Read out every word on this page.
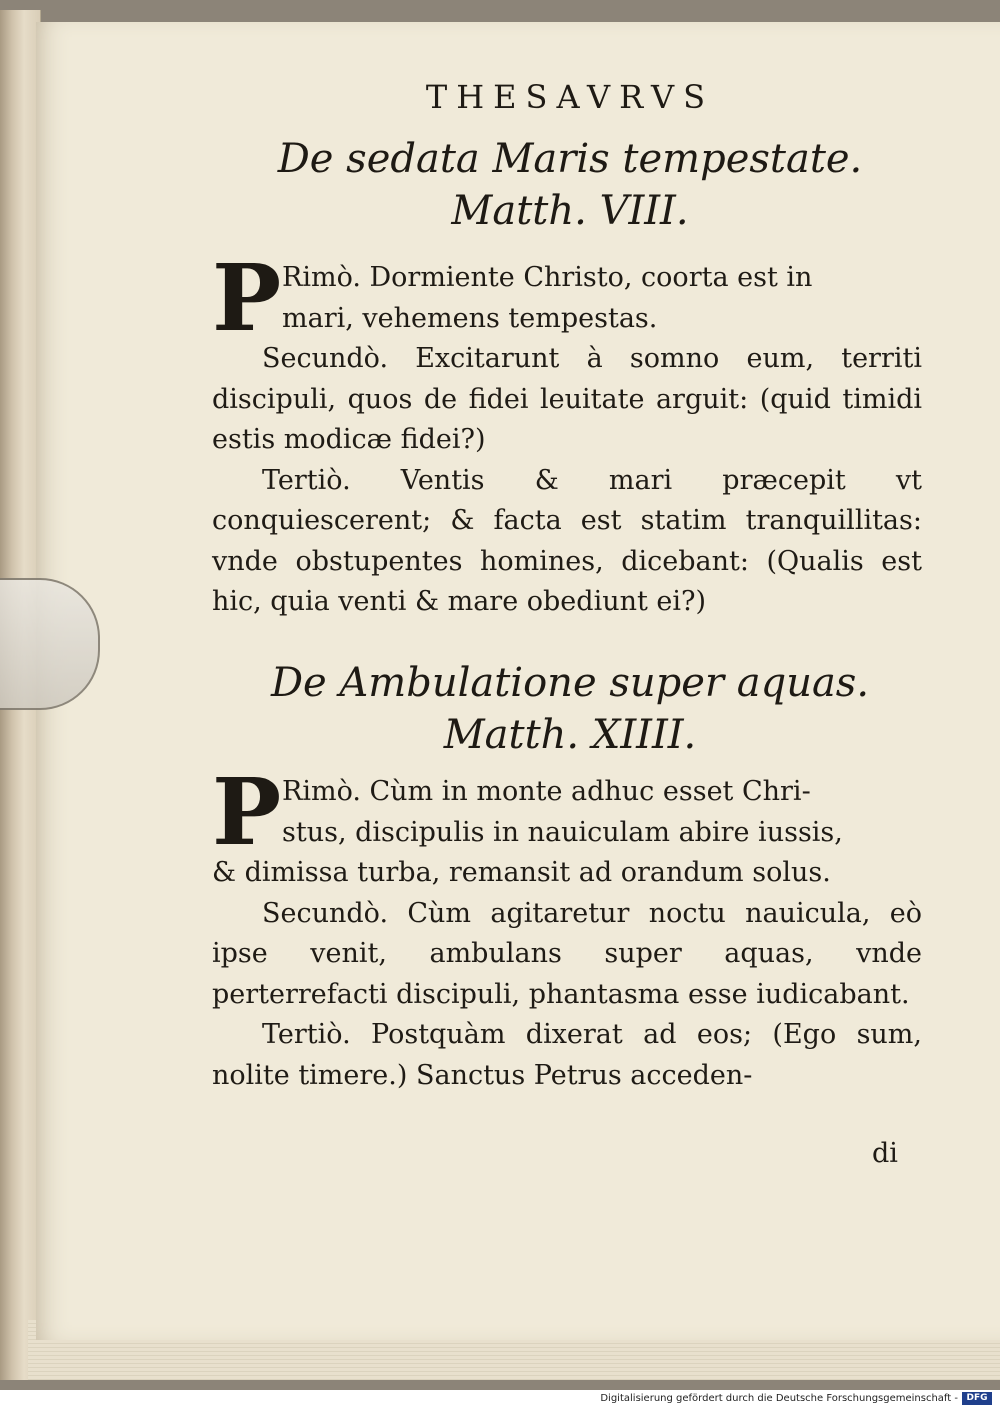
THESAVRVS
De sedata Maris tempestate.
Matth. VIII.
P Rimò. Dormiente Christo, coorta est in

mari, vehemens tempestas.

Secundò. Excitarunt à somno eum, territi discipuli, quos de fidei leuitate arguit: (quid timidi estis modicæ fidei?)

Tertiò. Ventis & mari præcepit vt conquiescerent; & facta est statim tranquillitas: vnde obstupentes homines, dicebant: (Qualis est hic, quia venti & mare obediunt ei?)

De Ambulatione super aquas.
Matth. XIIII.
P Rimò. Cùm in monte adhuc esset Chri-

stus, discipulis in nauiculam abire iussis,

& dimissa turba, remansit ad orandum solus.

Secundò. Cùm agitaretur noctu nauicula, eò ipse venit, ambulans super aquas, vnde perterrefacti discipuli, phantasma esse iudicabant.

Tertiò. Postquàm dixerat ad eos; (Ego sum, nolite timere.) Sanctus Petrus acceden-

di
Digitalisierung gefördert durch die Deutsche Forschungsgemeinschaft - DFG
